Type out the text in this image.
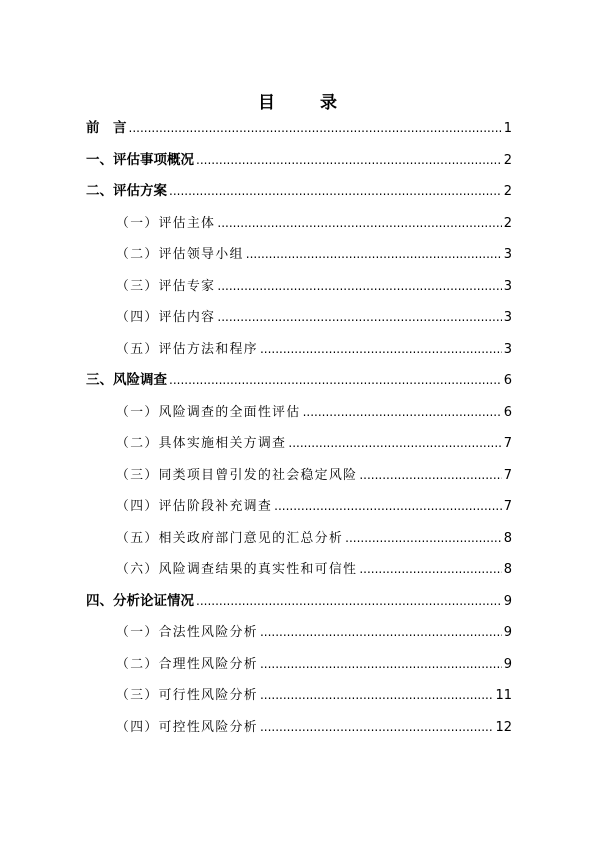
目　录
前　言 .....	1
一、评估事项概况 .....	2
二、评估方案 .....	2
（一）评估主体 .....	2
（二）评估领导小组 .....	3
（三）评估专家 .....	3
（四）评估内容 .....	3
（五）评估方法和程序 .....	3
三、风险调查 .....	6
（一）风险调查的全面性评估 .....	6
（二）具体实施相关方调查 .....	7
（三）同类项目曾引发的社会稳定风险 .....	7
（四）评估阶段补充调查 .....	7
（五）相关政府部门意见的汇总分析 .....	8
（六）风险调查结果的真实性和可信性 .....	8
四、分析论证情况 .....	9
（一）合法性风险分析 .....	9
（二）合理性风险分析 .....	9
（三）可行性风险分析 .....	11
（四）可控性风险分析 .....	12
